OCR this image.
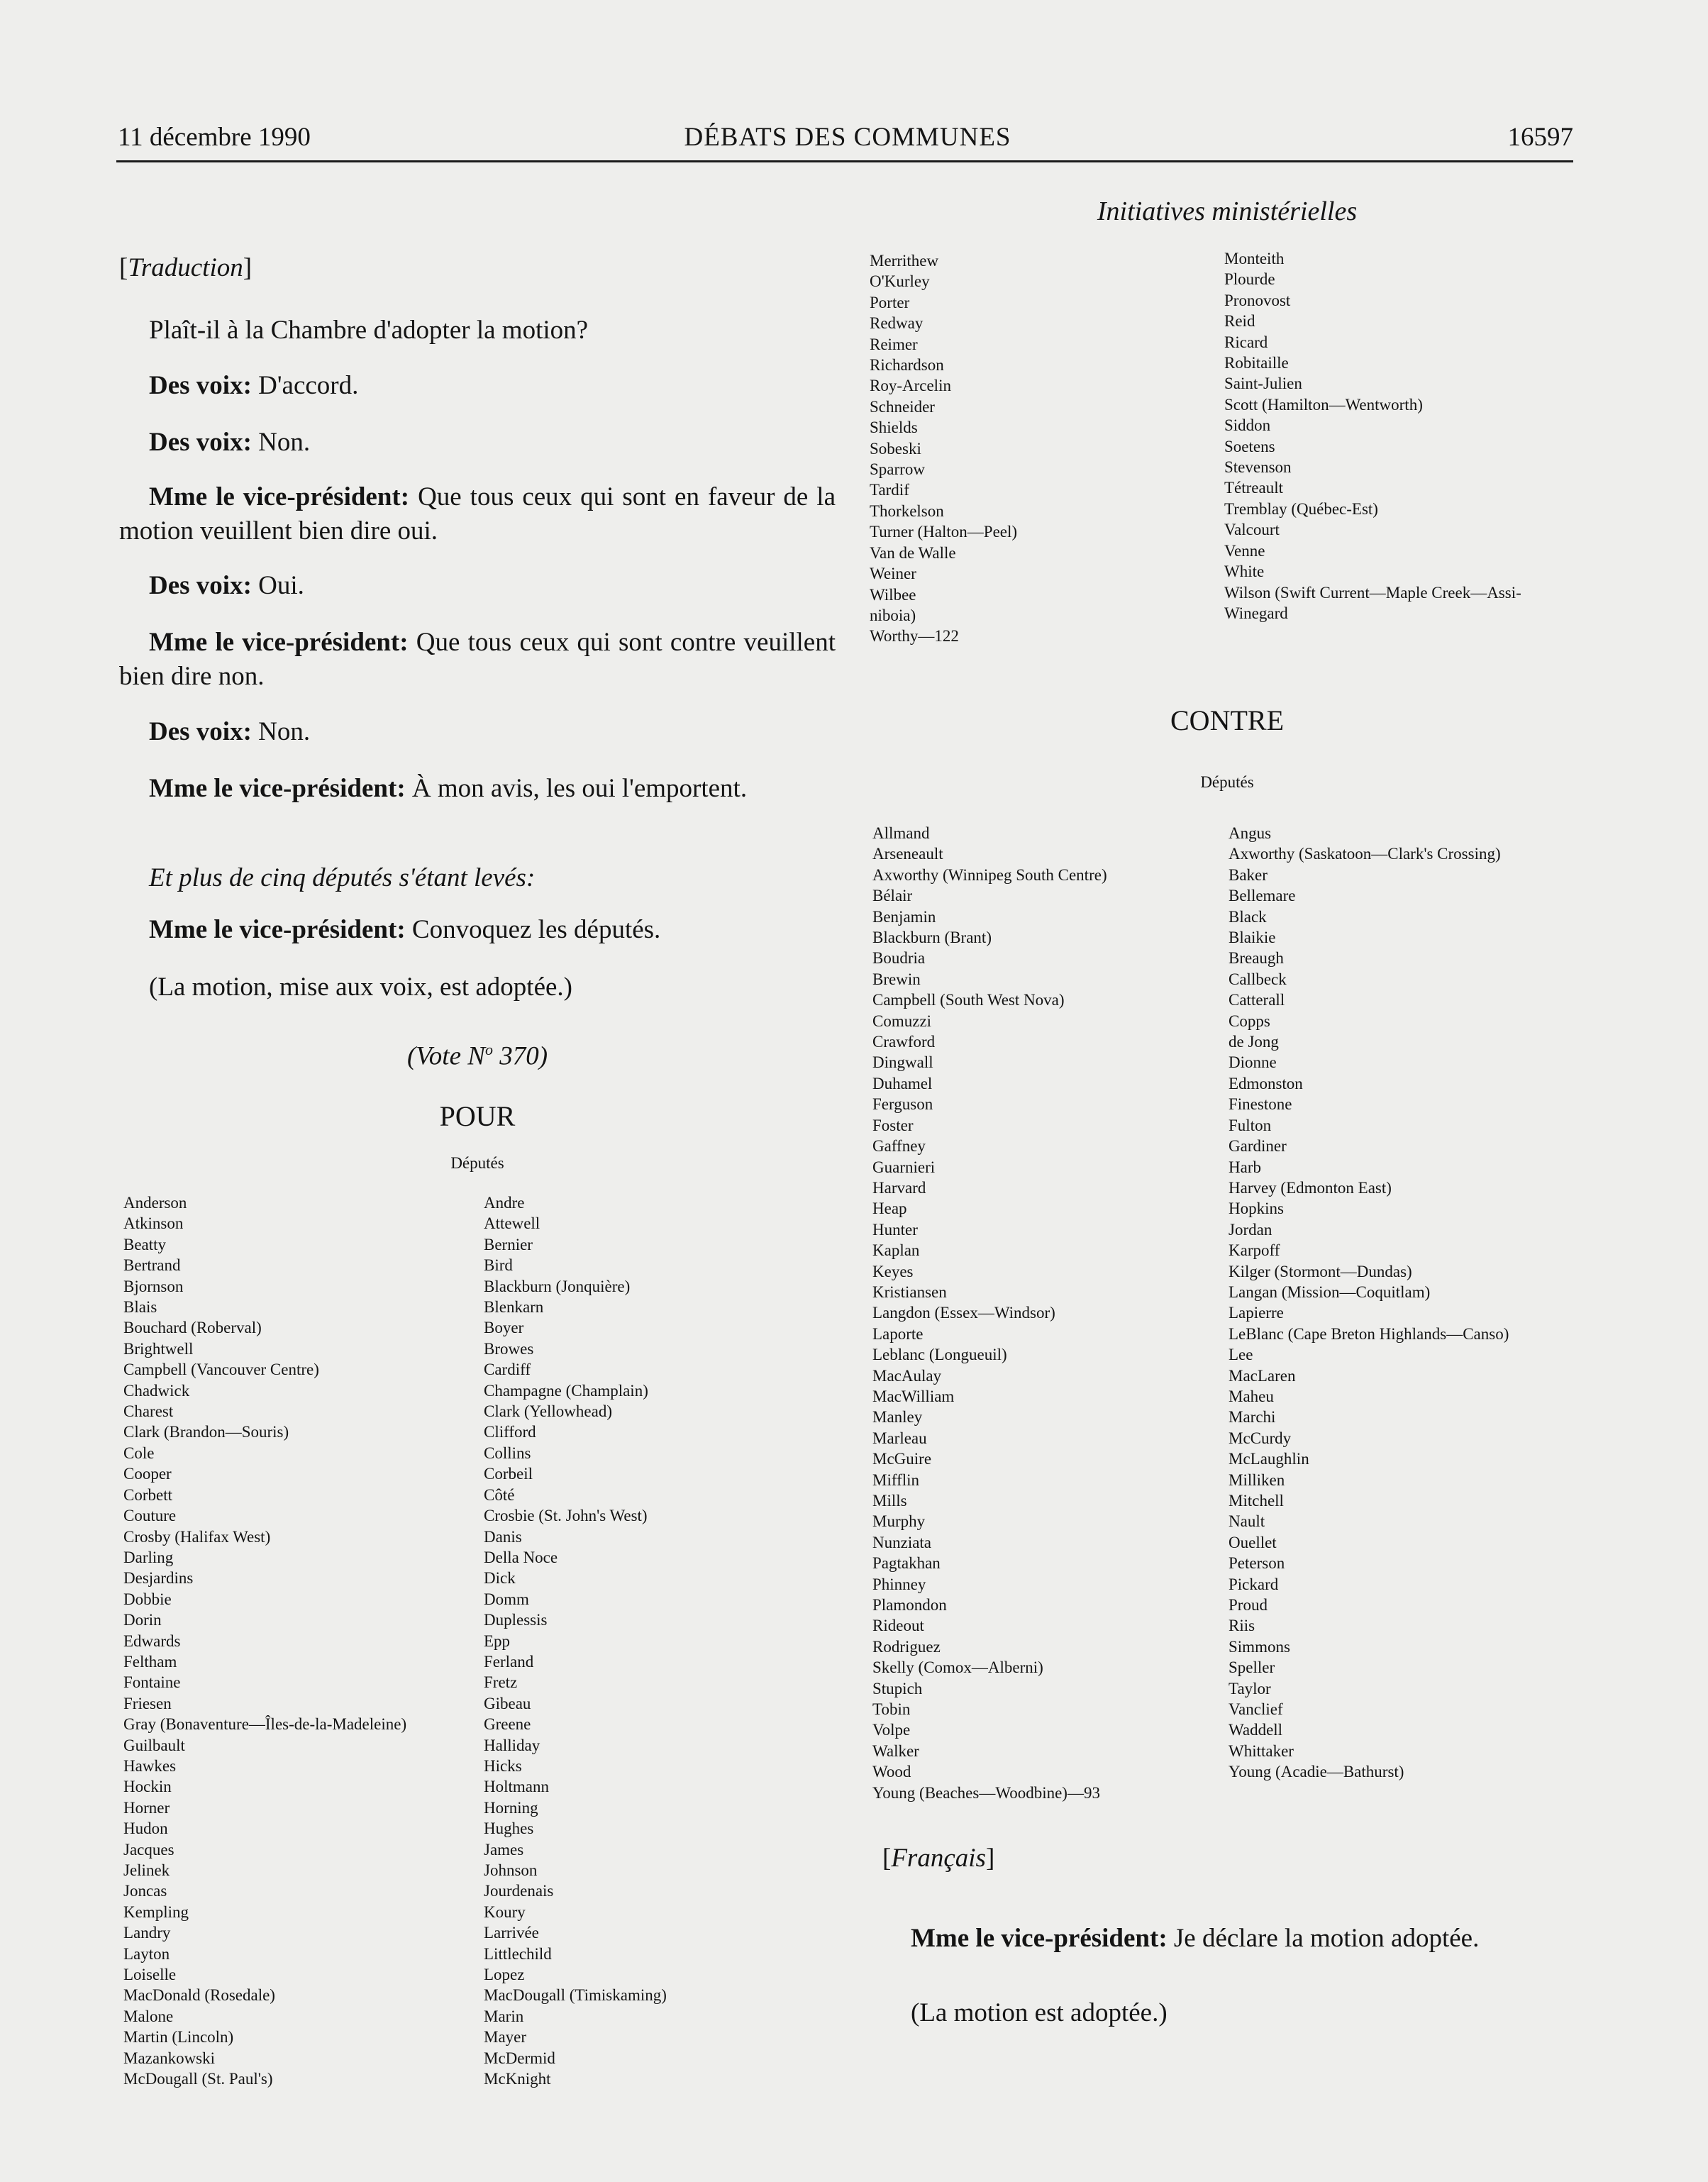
11 décembre 1990	DÉBATS DES COMMUNES	16597
Initiatives ministérielles
[Traduction]
Plaît-il à la Chambre d'adopter la motion?
Des voix: D'accord.
Des voix: Non.
Mme le vice-président: Que tous ceux qui sont en faveur de la motion veuillent bien dire oui.
Des voix: Oui.
Mme le vice-président: Que tous ceux qui sont contre veuillent bien dire non.
Des voix: Non.
Mme le vice-président: À mon avis, les oui l'emportent.
Et plus de cinq députés s'étant levés:
Mme le vice-président: Convoquez les députés.
(La motion, mise aux voix, est adoptée.)
(Vote $N^o$ 370)
POUR
Députés
Anderson
Atkinson
Beatty
Bertrand
Bjornson
Blais
Bouchard (Roberval)
Brightwell
Campbell (Vancouver Centre)
Chadwick
Charest
Clark (Brandon—Souris)
Cole
Cooper
Corbett
Couture
Crosby (Halifax West)
Darling
Desjardins
Dobbie
Dorin
Edwards
Feltham
Fontaine
Friesen
Gray (Bonaventure—Îles-de-la-Madeleine)
Guilbault
Hawkes
Hockin
Horner
Hudon
Jacques
Jelinek
Joncas
Kempling
Landry
Layton
Loiselle
MacDonald (Rosedale)
Malone
Martin (Lincoln)
Mazankowski
McDougall (St. Paul's)
Andre
Attewell
Bernier
Bird
Blackburn (Jonquière)
Blenkarn
Boyer
Browes
Cardiff
Champagne (Champlain)
Clark (Yellowhead)
Clifford
Collins
Corbeil
Côté
Crosbie (St. John's West)
Danis
Della Noce
Dick
Domm
Duplessis
Epp
Ferland
Fretz
Gibeau
Greene
Halliday
Hicks
Holtmann
Horning
Hughes
James
Johnson
Jourdenais
Koury
Larrivée
Littlechild
Lopez
MacDougall (Timiskaming)
Marin
Mayer
McDermid
McKnight
Merrithew
O'Kurley
Porter
Redway
Reimer
Richardson
Roy-Arcelin
Schneider
Shields
Sobeski
Sparrow
Tardif
Thorkelson
Turner (Halton—Peel)
Van de Walle
Weiner
Wilbee
niboia)
Worthy—122
Monteith
Plourde
Pronovost
Reid
Ricard
Robitaille
Saint-Julien
Scott (Hamilton—Wentworth)
Siddon
Soetens
Stevenson
Tétreault
Tremblay (Québec-Est)
Valcourt
Venne
White
Wilson (Swift Current—Maple Creek—Assi-
Winegard
CONTRE
Députés
Allmand
Arseneault
Axworthy (Winnipeg South Centre)
Bélair
Benjamin
Blackburn (Brant)
Boudria
Brewin
Campbell (South West Nova)
Comuzzi
Crawford
Dingwall
Duhamel
Ferguson
Foster
Gaffney
Guarnieri
Harvard
Heap
Hunter
Kaplan
Keyes
Kristiansen
Langdon (Essex—Windsor)
Laporte
Leblanc (Longueuil)
MacAulay
MacWilliam
Manley
Marleau
McGuire
Mifflin
Mills
Murphy
Nunziata
Pagtakhan
Phinney
Plamondon
Rideout
Rodriguez
Skelly (Comox—Alberni)
Stupich
Tobin
Volpe
Walker
Wood
Young (Beaches—Woodbine)—93
Angus
Axworthy (Saskatoon—Clark's Crossing)
Baker
Bellemare
Black
Blaikie
Breaugh
Callbeck
Catterall
Copps
de Jong
Dionne
Edmonston
Finestone
Fulton
Gardiner
Harb
Harvey (Edmonton East)
Hopkins
Jordan
Karpoff
Kilger (Stormont—Dundas)
Langan (Mission—Coquitlam)
Lapierre
LeBlanc (Cape Breton Highlands—Canso)
Lee
MacLaren
Maheu
Marchi
McCurdy
McLaughlin
Milliken
Mitchell
Nault
Ouellet
Peterson
Pickard
Proud
Riis
Simmons
Speller
Taylor
Vanclief
Waddell
Whittaker
Young (Acadie—Bathurst)
[Français]
Mme le vice-président: Je déclare la motion adoptée.
(La motion est adoptée.)
